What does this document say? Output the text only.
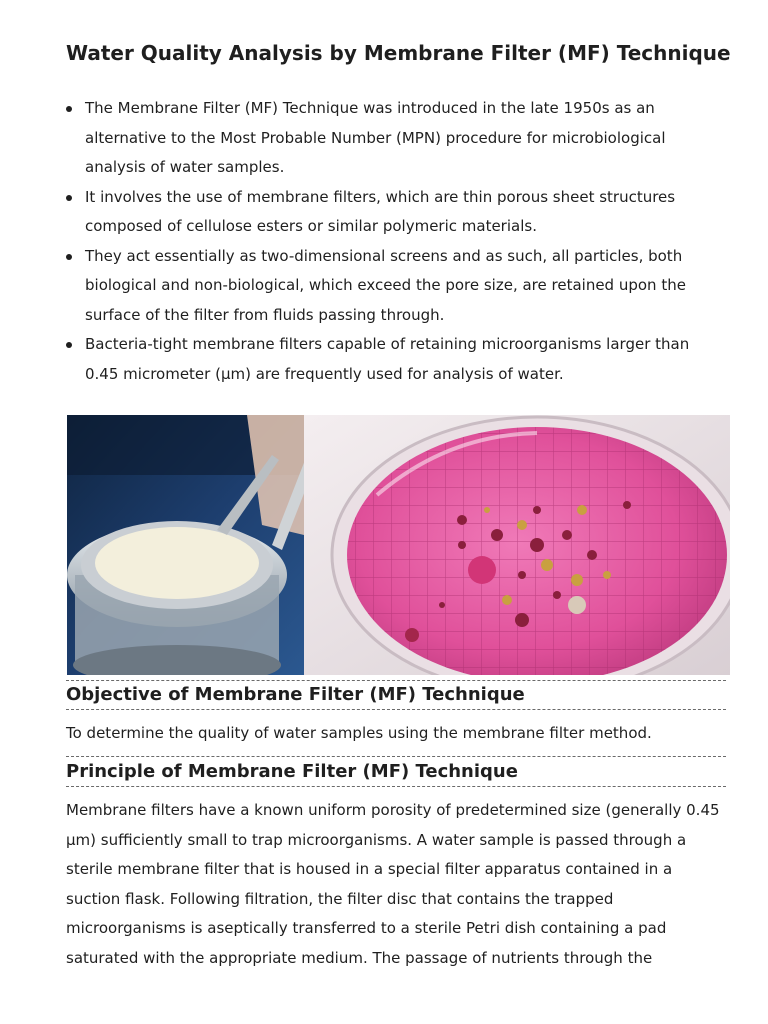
Water Quality Analysis by Membrane Filter (MF) Technique
The Membrane Filter (MF) Technique was introduced in the late 1950s as an alternative to the Most Probable Number (MPN) procedure for microbiological analysis of water samples.
It involves the use of membrane filters, which are thin porous sheet structures composed of cellulose esters or similar polymeric materials.
They act essentially as two-dimensional screens and as such, all particles, both biological and non-biological, which exceed the pore size, are retained upon the surface of the filter from fluids passing through.
Bacteria-tight membrane filters capable of retaining microorganisms larger than 0.45 micrometer (µm) are frequently used for analysis of water.
Objective of Membrane Filter (MF) Technique

To determine the quality of water samples using the membrane filter method.

Principle of Membrane Filter (MF) Technique

Membrane filters have a known uniform porosity of predetermined size (generally 0.45 µm) sufficiently small to trap microorganisms. A water sample is passed through a sterile membrane filter that is housed in a special filter apparatus contained in a suction flask. Following filtration, the filter disc that contains the trapped microorganisms is aseptically transferred to a sterile Petri dish containing a pad saturated with the appropriate medium. The passage of nutrients through the
